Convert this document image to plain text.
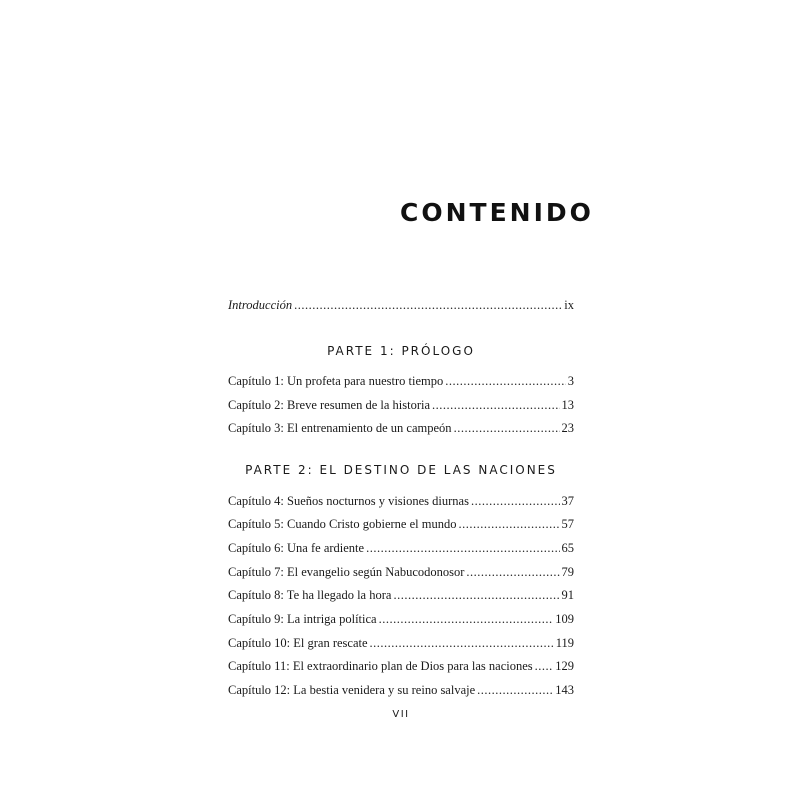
CONTENIDO
Introducción .....	ix
PARTE 1: PRÓLOGO
Capítulo 1: Un profeta para nuestro tiempo .....	3
Capítulo 2: Breve resumen de la historia .....	13
Capítulo 3: El entrenamiento de un campeón .....	23
PARTE 2: EL DESTINO DE LAS NACIONES
Capítulo 4: Sueños nocturnos y visiones diurnas .....	37
Capítulo 5: Cuando Cristo gobierne el mundo .....	57
Capítulo 6: Una fe ardiente .....	65
Capítulo 7: El evangelio según Nabucodonosor .....	79
Capítulo 8: Te ha llegado la hora .....	91
Capítulo 9: La intriga política .....	109
Capítulo 10: El gran rescate .....	119
Capítulo 11: El extraordinario plan de Dios para las naciones ..... 129
Capítulo 12: La bestia venidera y su reino salvaje .....	143
VII
